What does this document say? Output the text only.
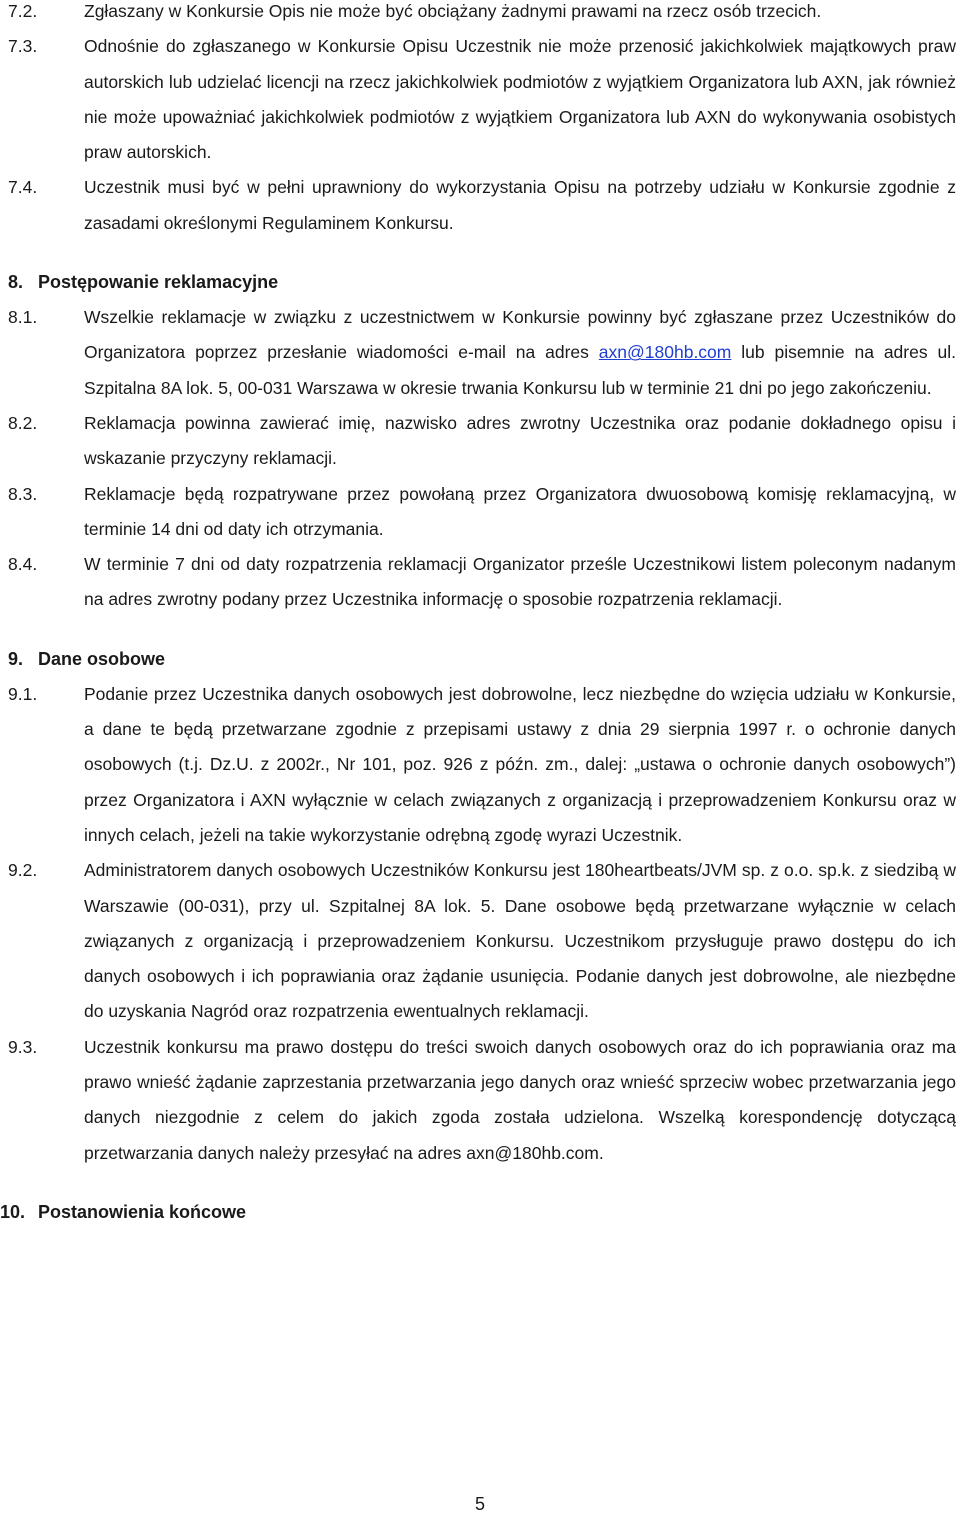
7.2.	Zgłaszany w Konkursie Opis nie może być obciążany żadnymi prawami na rzecz osób trzecich.
7.3.	Odnośnie do zgłaszanego w Konkursie Opisu Uczestnik nie może przenosić jakichkolwiek majątkowych praw autorskich lub udzielać licencji na rzecz jakichkolwiek podmiotów z wyjątkiem Organizatora lub AXN, jak również nie może upoważniać jakichkolwiek podmiotów z wyjątkiem Organizatora lub AXN do wykonywania osobistych praw autorskich.
7.4.	Uczestnik musi być w pełni uprawniony do wykorzystania Opisu na potrzeby udziału w Konkursie zgodnie z zasadami określonymi Regulaminem Konkursu.
8. Postępowanie reklamacyjne
8.1.	Wszelkie reklamacje w związku z uczestnictwem w Konkursie powinny być zgłaszane przez Uczestników do Organizatora poprzez przesłanie wiadomości e-mail na adres axn@180hb.com lub pisemnie na adres ul. Szpitalna 8A lok. 5, 00-031 Warszawa w okresie trwania Konkursu lub w terminie 21 dni po jego zakończeniu.
8.2.	Reklamacja powinna zawierać imię, nazwisko adres zwrotny Uczestnika oraz podanie dokładnego opisu i wskazanie przyczyny reklamacji.
8.3.	Reklamacje będą rozpatrywane przez powołaną przez Organizatora dwuosobową komisję reklamacyjną, w terminie 14 dni od daty ich otrzymania.
8.4.	W terminie 7 dni od daty rozpatrzenia reklamacji Organizator prześle Uczestnikowi listem poleconym nadanym na adres zwrotny podany przez Uczestnika informację o sposobie rozpatrzenia reklamacji.
9. Dane osobowe
9.1.	Podanie przez Uczestnika danych osobowych jest dobrowolne, lecz niezbędne do wzięcia udziału w Konkursie, a dane te będą przetwarzane zgodnie z przepisami ustawy z dnia 29 sierpnia 1997 r. o ochronie danych osobowych (t.j. Dz.U. z 2002r., Nr 101, poz. 926 z późn. zm., dalej: „ustawa o ochronie danych osobowych”) przez Organizatora i AXN wyłącznie w celach związanych z organizacją i przeprowadzeniem Konkursu oraz w innych celach, jeżeli na takie wykorzystanie odrębną zgodę wyrazi Uczestnik.
9.2.	Administratorem danych osobowych Uczestników Konkursu jest 180heartbeats/JVM sp. z o.o. sp.k. z siedzibą w Warszawie (00-031), przy ul. Szpitalnej 8A lok. 5. Dane osobowe będą przetwarzane wyłącznie w celach związanych z organizacją i przeprowadzeniem Konkursu. Uczestnikom przysługuje prawo dostępu do ich danych osobowych i ich poprawiania oraz żądanie usunięcia. Podanie danych jest dobrowolne, ale niezbędne do uzyskania Nagród oraz rozpatrzenia ewentualnych reklamacji.
9.3.	Uczestnik konkursu ma prawo dostępu do treści swoich danych osobowych oraz do ich poprawiania oraz ma prawo wnieść żądanie zaprzestania przetwarzania jego danych oraz wnieść sprzeciw wobec przetwarzania jego danych niezgodnie z celem do jakich zgoda została udzielona. Wszelką korespondencję dotyczącą przetwarzania danych należy przesyłać na adres axn@180hb.com.
10. Postanowienia końcowe
5
